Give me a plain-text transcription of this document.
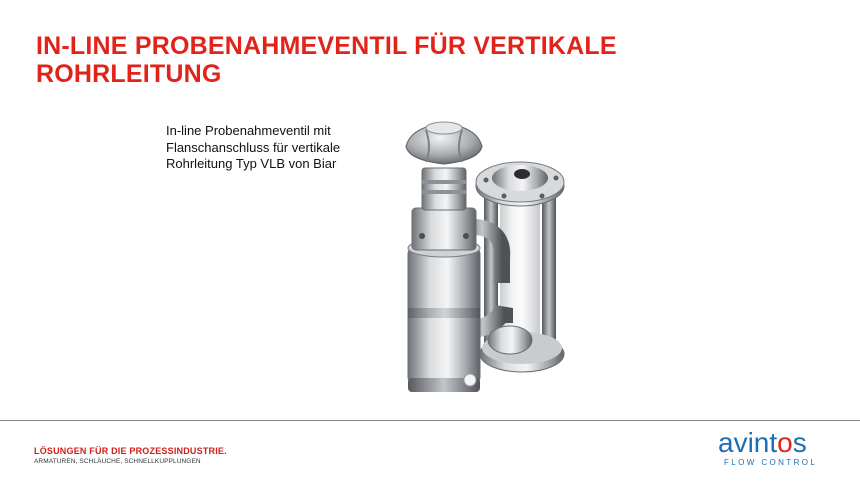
IN-LINE PROBENAHMEVENTIL FÜR VERTIKALE
ROHRLEITUNG
In-line Probenahmeventil mit
Flanschanschluss für vertikale
Rohrleitung Typ VLB von Biar
LÖSUNGEN FÜR DIE PROZESSINDUSTRIE.
ARMATUREN, SCHLÄUCHE, SCHNELLKUPPLUNGEN
avintos
FLOW CONTROL
